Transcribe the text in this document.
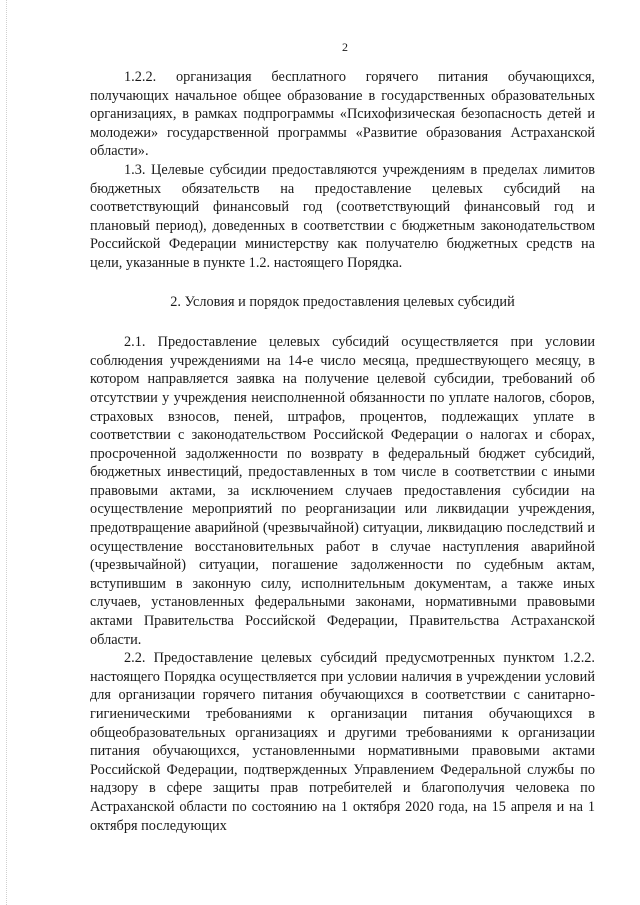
2

1.2.2. организация бесплатного горячего питания обучающихся, получающих начальное общее образование в государственных образовательных организациях, в рамках подпрограммы «Психофизическая безопасность детей и молодежи» государственной программы «Развитие образования Астраханской области».

1.3. Целевые субсидии предоставляются учреждениям в пределах лимитов бюджетных обязательств на предоставление целевых субсидий на соответствующий финансовый год (соответствующий финансовый год и плановый период), доведенных в соответствии с бюджетным законодательством Российской Федерации министерству как получателю бюджетных средств на цели, указанные в пункте 1.2. настоящего Порядка.

2. Условия и порядок предоставления целевых субсидий

2.1. Предоставление целевых субсидий осуществляется при условии соблюдения учреждениями на 14-е число месяца, предшествующего месяцу, в котором направляется заявка на получение целевой субсидии, требований об отсутствии у учреждения неисполненной обязанности по уплате налогов, сборов, страховых взносов, пеней, штрафов, процентов, подлежащих уплате в соответствии с законодательством Российской Федерации о налогах и сборах, просроченной задолженности по возврату в федеральный бюджет субсидий, бюджетных инвестиций, предоставленных в том числе в соответствии с иными правовыми актами, за исключением случаев предоставления субсидии на осуществление мероприятий по реорганизации или ликвидации учреждения, предотвращение аварийной (чрезвычайной) ситуации, ликвидацию последствий и осуществление восстановительных работ в случае наступления аварийной (чрезвычайной) ситуации, погашение задолженности по судебным актам, вступившим в законную силу, исполнительным документам, а также иных случаев, установленных федеральными законами, нормативными правовыми актами Правительства Российской Федерации, Правительства Астраханской области.

2.2. Предоставление целевых субсидий предусмотренных пунктом 1.2.2. настоящего Порядка осуществляется при условии наличия в учреждении условий для организации горячего питания обучающихся в соответствии с санитарно-гигиеническими требованиями к организации питания обучающихся в общеобразовательных организациях и другими требованиями к организации питания обучающихся, установленными нормативными правовыми актами Российской Федерации, подтвержденных Управлением Федеральной службы по надзору в сфере защиты прав потребителей и благополучия человека по Астраханской области по состоянию на 1 октября 2020 года, на 15 апреля и на 1 октября последующих
